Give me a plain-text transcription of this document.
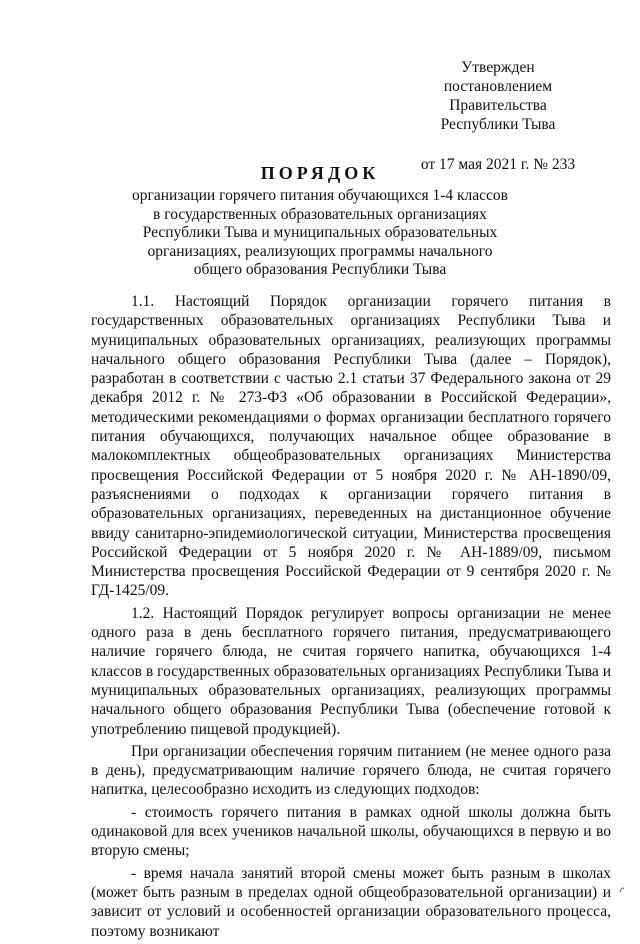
Утвержден
постановлением Правительства
Республики Тыва
от 17 мая 2021 г. № 233
ПОРЯДОК
организации горячего питания обучающихся 1-4 классов
в государственных образовательных организациях
Республики Тыва и муниципальных образовательных
организациях, реализующих программы начального
общего образования Республики Тыва

1.1. Настоящий Порядок организации горячего питания в государственных образовательных организациях Республики Тыва и муниципальных образовательных организациях, реализующих программы начального общего образования Республики Тыва (далее – Порядок), разработан в соответствии с частью 2.1 статьи 37 Федерального закона от 29 декабря 2012 г. № 273-ФЗ «Об образовании в Российской Федерации», методическими рекомендациями о формах организации бесплатного горячего питания обучающихся, получающих начальное общее образование в малокомплектных общеобразовательных организациях Министерства просвещения Российской Федерации от 5 ноября 2020 г. № АН-1890/09, разъяснениями о подходах к организации горячего питания в образовательных организациях, переведенных на дистанционное обучение ввиду санитарно-эпидемиологической ситуации, Министерства просвещения Российской Федерации от 5 ноября 2020 г. № АН-1889/09, письмом Министерства просвещения Российской Федерации от 9 сентября 2020 г. № ГД-1425/09.

1.2. Настоящий Порядок регулирует вопросы организации не менее одного раза в день бесплатного горячего питания, предусматривающего наличие горячего блюда, не считая горячего напитка, обучающихся 1-4 классов в государственных образовательных организациях Республики Тыва и муниципальных образовательных организациях, реализующих программы начального общего образования Республики Тыва (обеспечение готовой к употреблению пищевой продукцией).

При организации обеспечения горячим питанием (не менее одного раза в день), предусматривающим наличие горячего блюда, не считая горячего напитка, целесообразно исходить из следующих подходов:

- стоимость горячего питания в рамках одной школы должна быть одинаковой для всех учеников начальной школы, обучающихся в первую и во вторую смены;

- время начала занятий второй смены может быть разным в школах (может быть разным в пределах одной общеобразовательной организации) и зависит от условий и особенностей организации образовательного процесса, поэтому возникают
